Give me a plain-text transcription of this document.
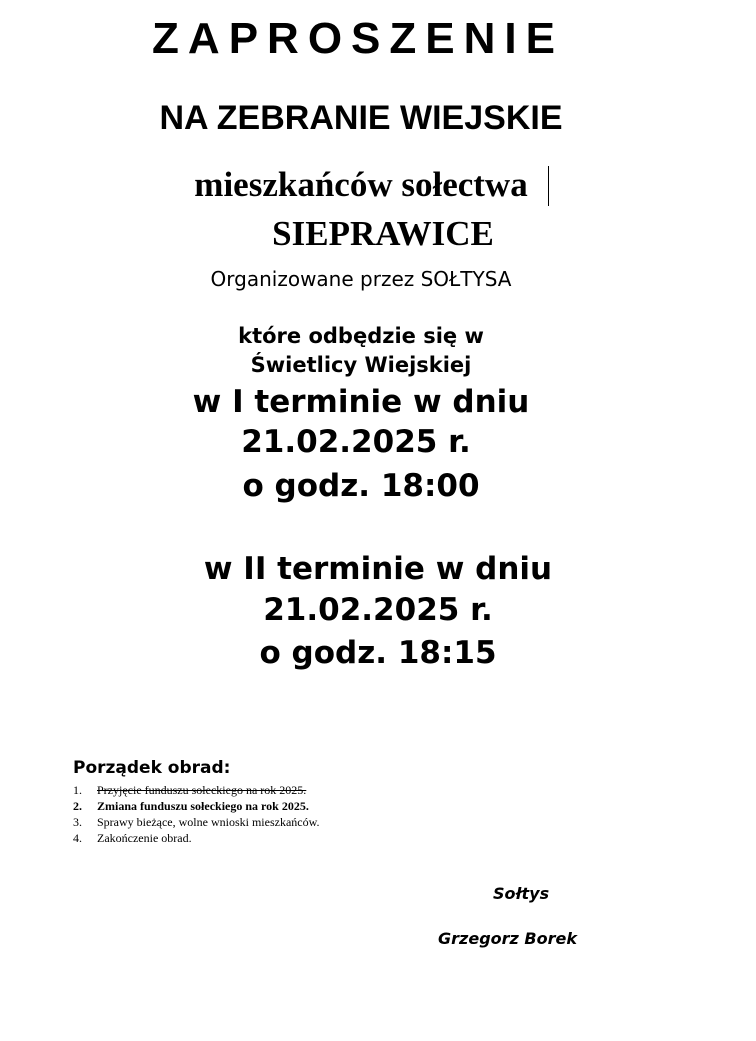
ZAPROSZENIE
NA ZEBRANIE WIEJSKIE
mieszkańców sołectwa
SIEPRAWICE
Organizowane przez SOŁTYSA
które odbędzie się w
Świetlicy Wiejskiej
w I terminie w dniu
21.02.2025 r.
o godz. 18:00
w II terminie w dniu
21.02.2025 r.
o godz. 18:15
Porządek obrad:
1. Przyjęcie funduszu sołeckiego na rok 2025.
2. Zmiana funduszu sołeckiego na rok 2025.
3. Sprawy bieżące, wolne wnioski mieszkańców.
4. Zakończenie obrad.
Sołtys
Grzegorz Borek
